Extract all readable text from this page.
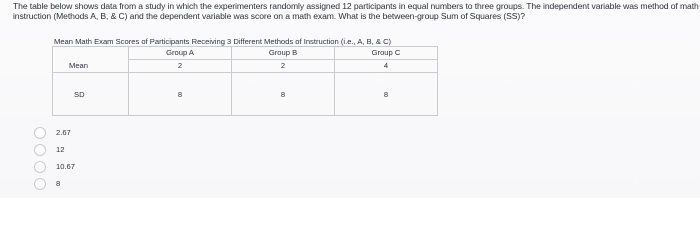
The table below shows data from a study in which the experimenters randomly assigned 12 participants in equal numbers to three groups. The independent variable was method of math instruction (Methods A, B, & C) and the dependent variable was score on a math exam. What is the between-group Sum of Squares (SS)?
Mean Math Exam Scores of Participants Receiving 3 Different Methods of Instruction (i.e., A, B, & C)
	Group A	Group B	Group C

Mean	2	2	4
SD	8	8	8
2.67
12
10.67
8
